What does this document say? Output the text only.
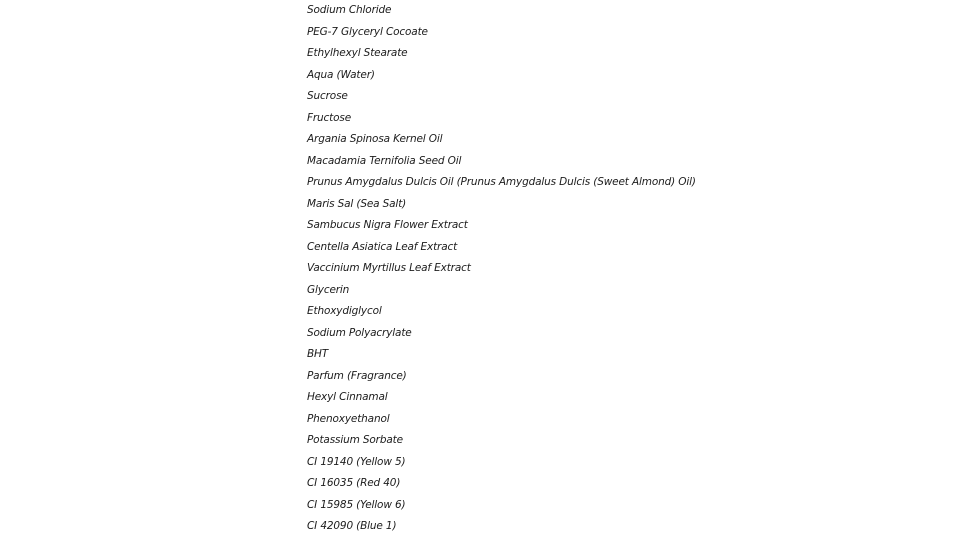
Sodium Chloride
PEG-7 Glyceryl Cocoate
Ethylhexyl Stearate
Aqua (Water)
Sucrose
Fructose
Argania Spinosa Kernel Oil
Macadamia Ternifolia Seed Oil
Prunus Amygdalus Dulcis Oil (Prunus Amygdalus Dulcis (Sweet Almond) Oil)
Maris Sal (Sea Salt)
Sambucus Nigra Flower Extract
Centella Asiatica Leaf Extract
Vaccinium Myrtillus Leaf Extract
Glycerin
Ethoxydiglycol
Sodium Polyacrylate
BHT
Parfum (Fragrance)
Hexyl Cinnamal
Phenoxyethanol
Potassium Sorbate
CI 19140 (Yellow 5)
CI 16035 (Red 40)
CI 15985 (Yellow 6)
CI 42090 (Blue 1)
